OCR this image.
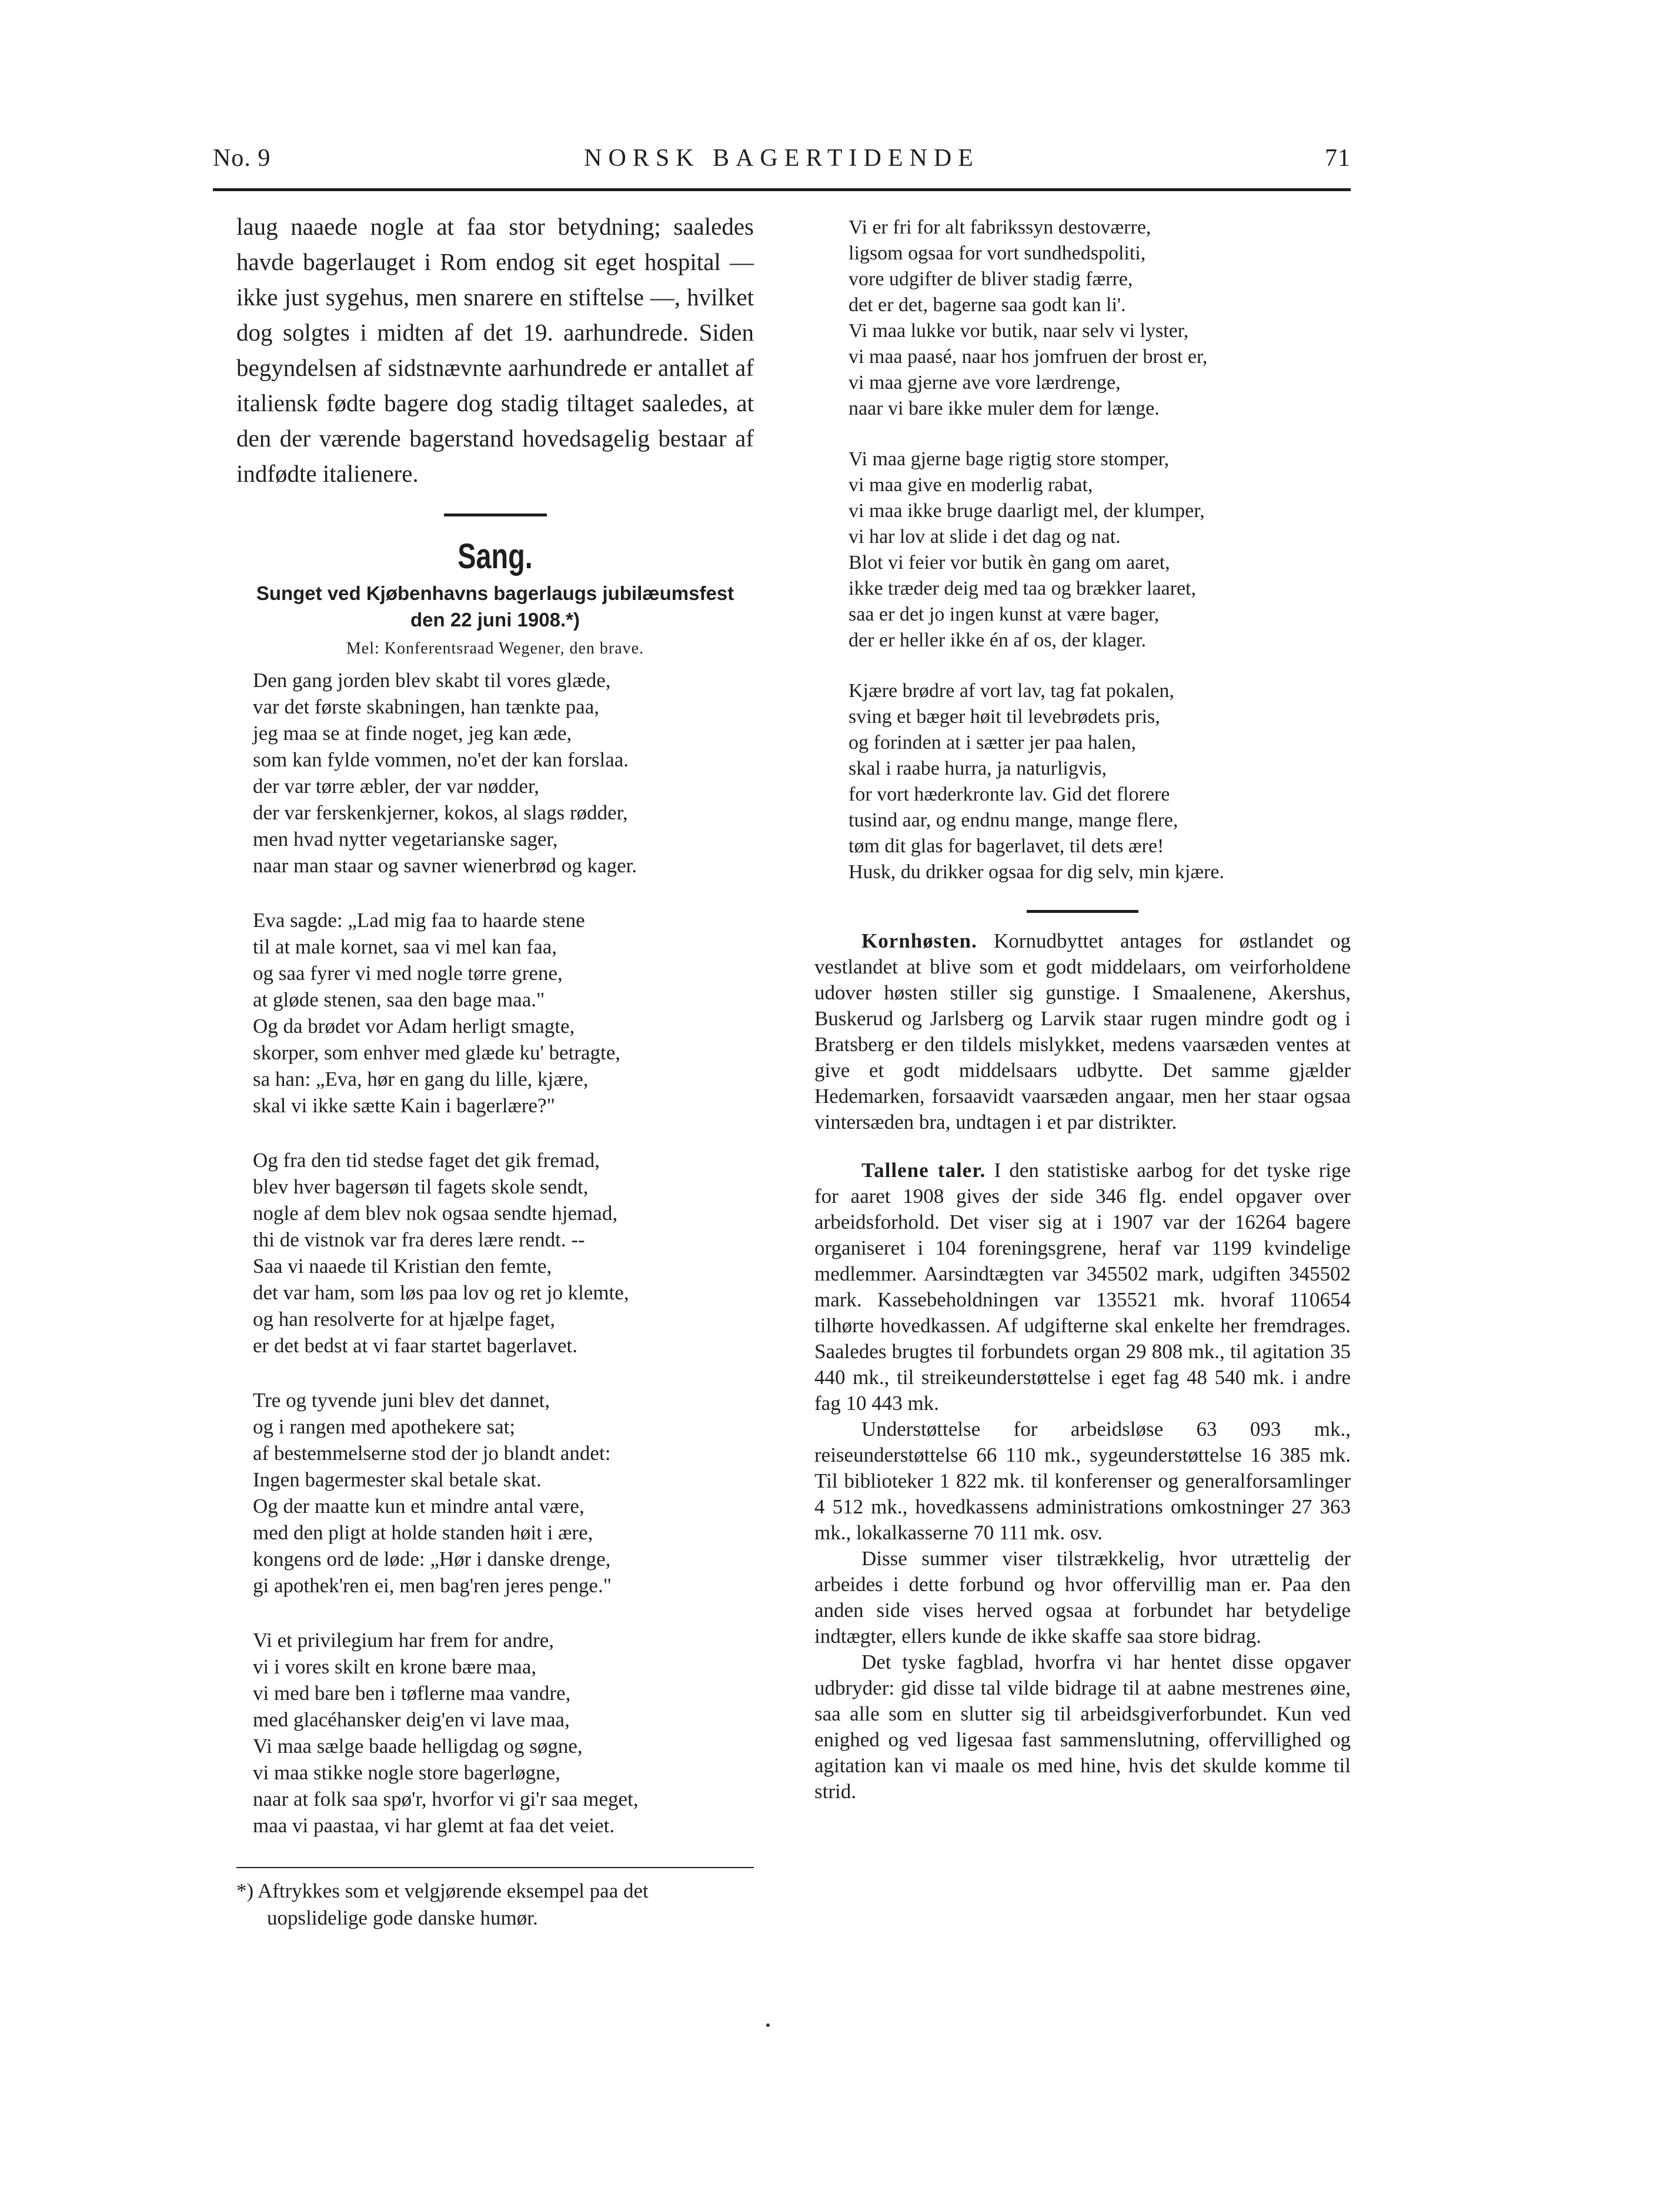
No. 9	NORSK BAGERTIDENDE	71

laug naaede nogle at faa stor betydning; saaledes havde bagerlauget i Rom endog sit eget hospital — ikke just sygehus, men snarere en stiftelse —, hvilket dog solgtes i midten af det 19. aarhundrede. Siden begyndelsen af sidstnævnte aarhundrede er antallet af italiensk fødte bagere dog stadig tiltaget saaledes, at den der værende bagerstand hovedsagelig bestaar af indfødte italienere.

Sang.
Sunget ved Kjøbenhavns bagerlaugs jubilæumsfest den 22 juni 1908.*)
Mel: Konferentsraad Wegener, den brave.
Den gang jorden blev skabt til vores glæde,
var det første skabningen, han tænkte paa,
jeg maa se at finde noget, jeg kan æde,
som kan fylde vommen, no'et der kan forslaa.
der var tørre æbler, der var nødder,
der var ferskenkjerner, kokos, al slags rødder,
men hvad nytter vegetarianske sager,
naar man staar og savner wienerbrød og kager.
Eva sagde: „Lad mig faa to haarde stene
til at male kornet, saa vi mel kan faa,
og saa fyrer vi med nogle tørre grene,
at gløde stenen, saa den bage maa."
Og da brødet vor Adam herligt smagte,
skorper, som enhver med glæde ku' betragte,
sa han: „Eva, hør en gang du lille, kjære,
skal vi ikke sætte Kain i bagerlære?"
Og fra den tid stedse faget det gik fremad,
blev hver bagersøn til fagets skole sendt,
nogle af dem blev nok ogsaa sendte hjemad,
thi de vistnok var fra deres lære rendt. --
Saa vi naaede til Kristian den femte,
det var ham, som løs paa lov og ret jo klemte,
og han resolverte for at hjælpe faget,
er det bedst at vi faar startet bagerlavet.
Tre og tyvende juni blev det dannet,
og i rangen med apothekere sat;
af bestemmelserne stod der jo blandt andet:
Ingen bagermester skal betale skat.
Og der maatte kun et mindre antal være,
med den pligt at holde standen høit i ære,
kongens ord de løde: „Hør i danske drenge,
gi apothek'ren ei, men bag'ren jeres penge."
Vi et privilegium har frem for andre,
vi i vores skilt en krone bære maa,
vi med bare ben i tøflerne maa vandre,
med glacéhansker deig'en vi lave maa,
Vi maa sælge baade helligdag og søgne,
vi maa stikke nogle store bagerløgne,
naar at folk saa spø'r, hvorfor vi gi'r saa meget,
maa vi paastaa, vi har glemt at faa det veiet.

*) Aftrykkes som et velgjørende eksempel paa det uopslidelige gode danske humør.

Vi er fri for alt fabrikssyn destoværre,
ligsom ogsaa for vort sundhedspoliti,
vore udgifter de bliver stadig færre,
det er det, bagerne saa godt kan li'.
Vi maa lukke vor butik, naar selv vi lyster,
vi maa paasé, naar hos jomfruen der brost er,
vi maa gjerne ave vore lærdrenge,
naar vi bare ikke muler dem for længe.
Vi maa gjerne bage rigtig store stomper,
vi maa give en moderlig rabat,
vi maa ikke bruge daarligt mel, der klumper,
vi har lov at slide i det dag og nat.
Blot vi feier vor butik èn gang om aaret,
ikke træder deig med taa og brækker laaret,
saa er det jo ingen kunst at være bager,
der er heller ikke én af os, der klager.
Kjære brødre af vort lav, tag fat pokalen,
sving et bæger høit til levebrødets pris,
og forinden at i sætter jer paa halen,
skal i raabe hurra, ja naturligvis,
for vort hæderkronte lav. Gid det florere
tusind aar, og endnu mange, mange flere,
tøm dit glas for bagerlavet, til dets ære!
Husk, du drikker ogsaa for dig selv, min kjære.

Kornhøsten. Kornudbyttet antages for østlandet og vestlandet at blive som et godt middelaars, om veirforholdene udover høsten stiller sig gunstige. I Smaalenene, Akershus, Buskerud og Jarlsberg og Larvik staar rugen mindre godt og i Bratsberg er den tildels mislykket, medens vaarsæden ventes at give et godt middelsaars udbytte. Det samme gjælder Hedemarken, forsaavidt vaarsæden angaar, men her staar ogsaa vintersæden bra, undtagen i et par distrikter.

Tallene taler. I den statistiske aarbog for det tyske rige for aaret 1908 gives der side 346 flg. endel opgaver over arbeidsforhold. Det viser sig at i 1907 var der 16264 bagere organiseret i 104 foreningsgrene, heraf var 1199 kvindelige medlemmer. Aarsindtægten var 345502 mark, udgiften 345502 mark. Kassebeholdningen var 135521 mk. hvoraf 110654 tilhørte hovedkassen. Af udgifterne skal enkelte her fremdrages. Saaledes brugtes til forbundets organ 29 808 mk., til agitation 35 440 mk., til streikeunderstøttelse i eget fag 48 540 mk. i andre fag 10 443 mk.

Understøttelse for arbeidsløse 63 093 mk., reiseunderstøttelse 66 110 mk., sygeunderstøttelse 16 385 mk. Til biblioteker 1 822 mk. til konferenser og generalforsamlinger 4 512 mk., hovedkassens administrations omkostninger 27 363 mk., lokalkasserne 70 111 mk. osv.

Disse summer viser tilstrækkelig, hvor utrættelig der arbeides i dette forbund og hvor offervillig man er. Paa den anden side vises herved ogsaa at forbundet har betydelige indtægter, ellers kunde de ikke skaffe saa store bidrag.

Det tyske fagblad, hvorfra vi har hentet disse opgaver udbryder: gid disse tal vilde bidrage til at aabne mestrenes øine, saa alle som en slutter sig til arbeidsgiverforbundet. Kun ved enighed og ved ligesaa fast sammenslutning, offervillighed og agitation kan vi maale os med hine, hvis det skulde komme til strid.
